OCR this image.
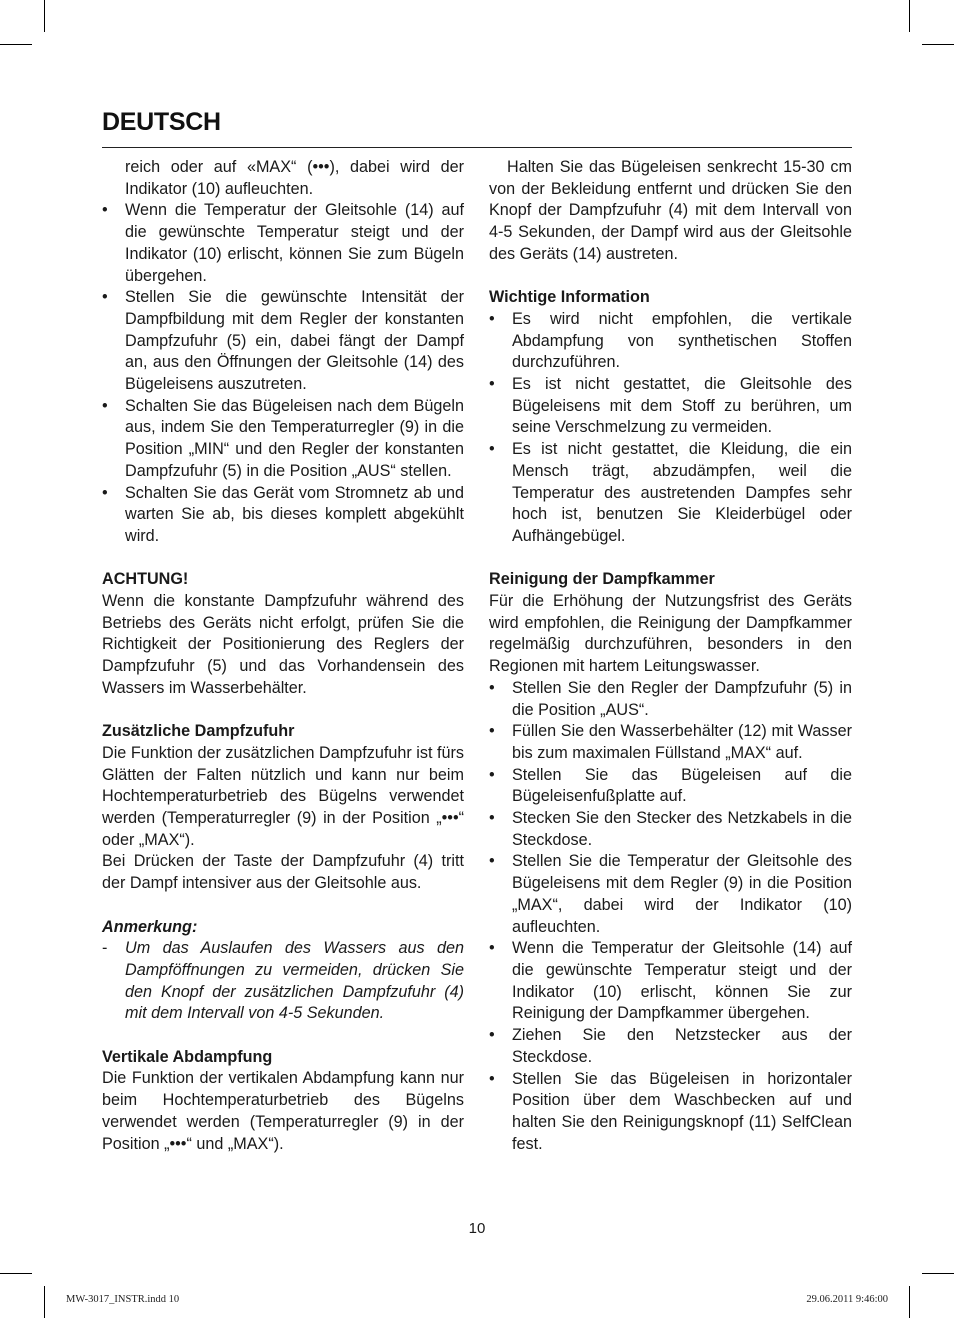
DEUTSCH
reich oder auf «MAX“ (•••), dabei wird der Indikator (10) aufleuchten.
• Wenn die Temperatur der Gleitsohle (14) auf die gewünschte Temperatur steigt und der Indikator (10) erlischt, können Sie zum Bügeln übergehen.
• Stellen Sie die gewünschte Intensität der Dampfbildung mit dem Regler der konstanten Dampfzufuhr (5) ein, dabei fängt der Dampf an, aus den Öffnungen der Gleitsohle (14) des Bügeleisens auszutreten.
• Schalten Sie das Bügeleisen nach dem Bügeln aus, indem Sie den Temperaturregler (9) in die Position „MIN“ und den Regler der konstanten Dampfzufuhr (5) in die Position „AUS“ stellen.
• Schalten Sie das Gerät vom Stromnetz ab und warten Sie ab, bis dieses komplett abgekühlt wird.

ACHTUNG!

Wenn die konstante Dampfzufuhr während des Betriebs des Geräts nicht erfolgt, prüfen Sie die Richtigkeit der Positionierung des Reglers der Dampfzufuhr (5) und das Vorhandensein des Wassers im Wasserbehälter.

Zusätzliche Dampfzufuhr

Die Funktion der zusätzlichen Dampfzufuhr ist fürs Glätten der Falten nützlich und kann nur beim Hochtemperaturbetrieb des Bügelns verwendet werden (Temperaturregler (9) in der Position „•••“ oder „MAX“).

Bei Drücken der Taste der Dampfzufuhr (4) tritt der Dampf intensiver aus der Gleitsohle aus.

Anmerkung:

- Um das Auslaufen des Wassers aus den Dampföffnungen zu vermeiden, drücken Sie den Knopf der zusätzlichen Dampfzufuhr (4) mit dem Intervall von 4-5 Sekunden.

Vertikale Abdampfung

Die Funktion der vertikalen Abdampfung kann nur beim Hochtemperaturbetrieb des Bügelns verwendet werden (Temperaturregler (9) in der Position „•••“ und „MAX“).

Halten Sie das Bügeleisen senkrecht 15-30 cm von der Bekleidung entfernt und drücken Sie den Knopf der Dampfzufuhr (4) mit dem Intervall von 4-5 Sekunden, der Dampf wird aus der Gleitsohle des Geräts (14) austreten.

Wichtige Information

• Es wird nicht empfohlen, die vertikale Abdampfung von synthetischen Stoffen durchzuführen.
• Es ist nicht gestattet, die Gleitsohle des Bügeleisens mit dem Stoff zu berühren, um seine Verschmelzung zu vermeiden.
• Es ist nicht gestattet, die Kleidung, die ein Mensch trägt, abzudämpfen, weil die Temperatur des austretenden Dampfes sehr hoch ist, benutzen Sie Kleiderbügel oder Aufhängebügel.

Reinigung der Dampfkammer

Für die Erhöhung der Nutzungsfrist des Geräts wird empfohlen, die Reinigung der Dampfkammer regelmäßig durchzuführen, besonders in den Regionen mit hartem Leitungswasser.

• Stellen Sie den Regler der Dampfzufuhr (5) in die Position „AUS“.
• Füllen Sie den Wasserbehälter (12) mit Wasser bis zum maximalen Füllstand „MAX“ auf.
• Stellen Sie das Bügeleisen auf die Bügeleisenfußplatte auf.
• Stecken Sie den Stecker des Netzkabels in die Steckdose.
• Stellen Sie die Temperatur der Gleitsohle des Bügeleisens mit dem Regler (9) in die Position „MAX“, dabei wird der Indikator (10) aufleuchten.
• Wenn die Temperatur der Gleitsohle (14) auf die gewünschte Temperatur steigt und der Indikator (10) erlischt, können Sie zur Reinigung der Dampfkammer übergehen.
• Ziehen Sie den Netzstecker aus der Steckdose.
• Stellen Sie das Bügeleisen in horizontaler Position über dem Waschbecken auf und halten Sie den Reinigungsknopf (11) SelfClean fest.
10
MW-3017_INSTR.indd 10	29.06.2011 9:46:00
